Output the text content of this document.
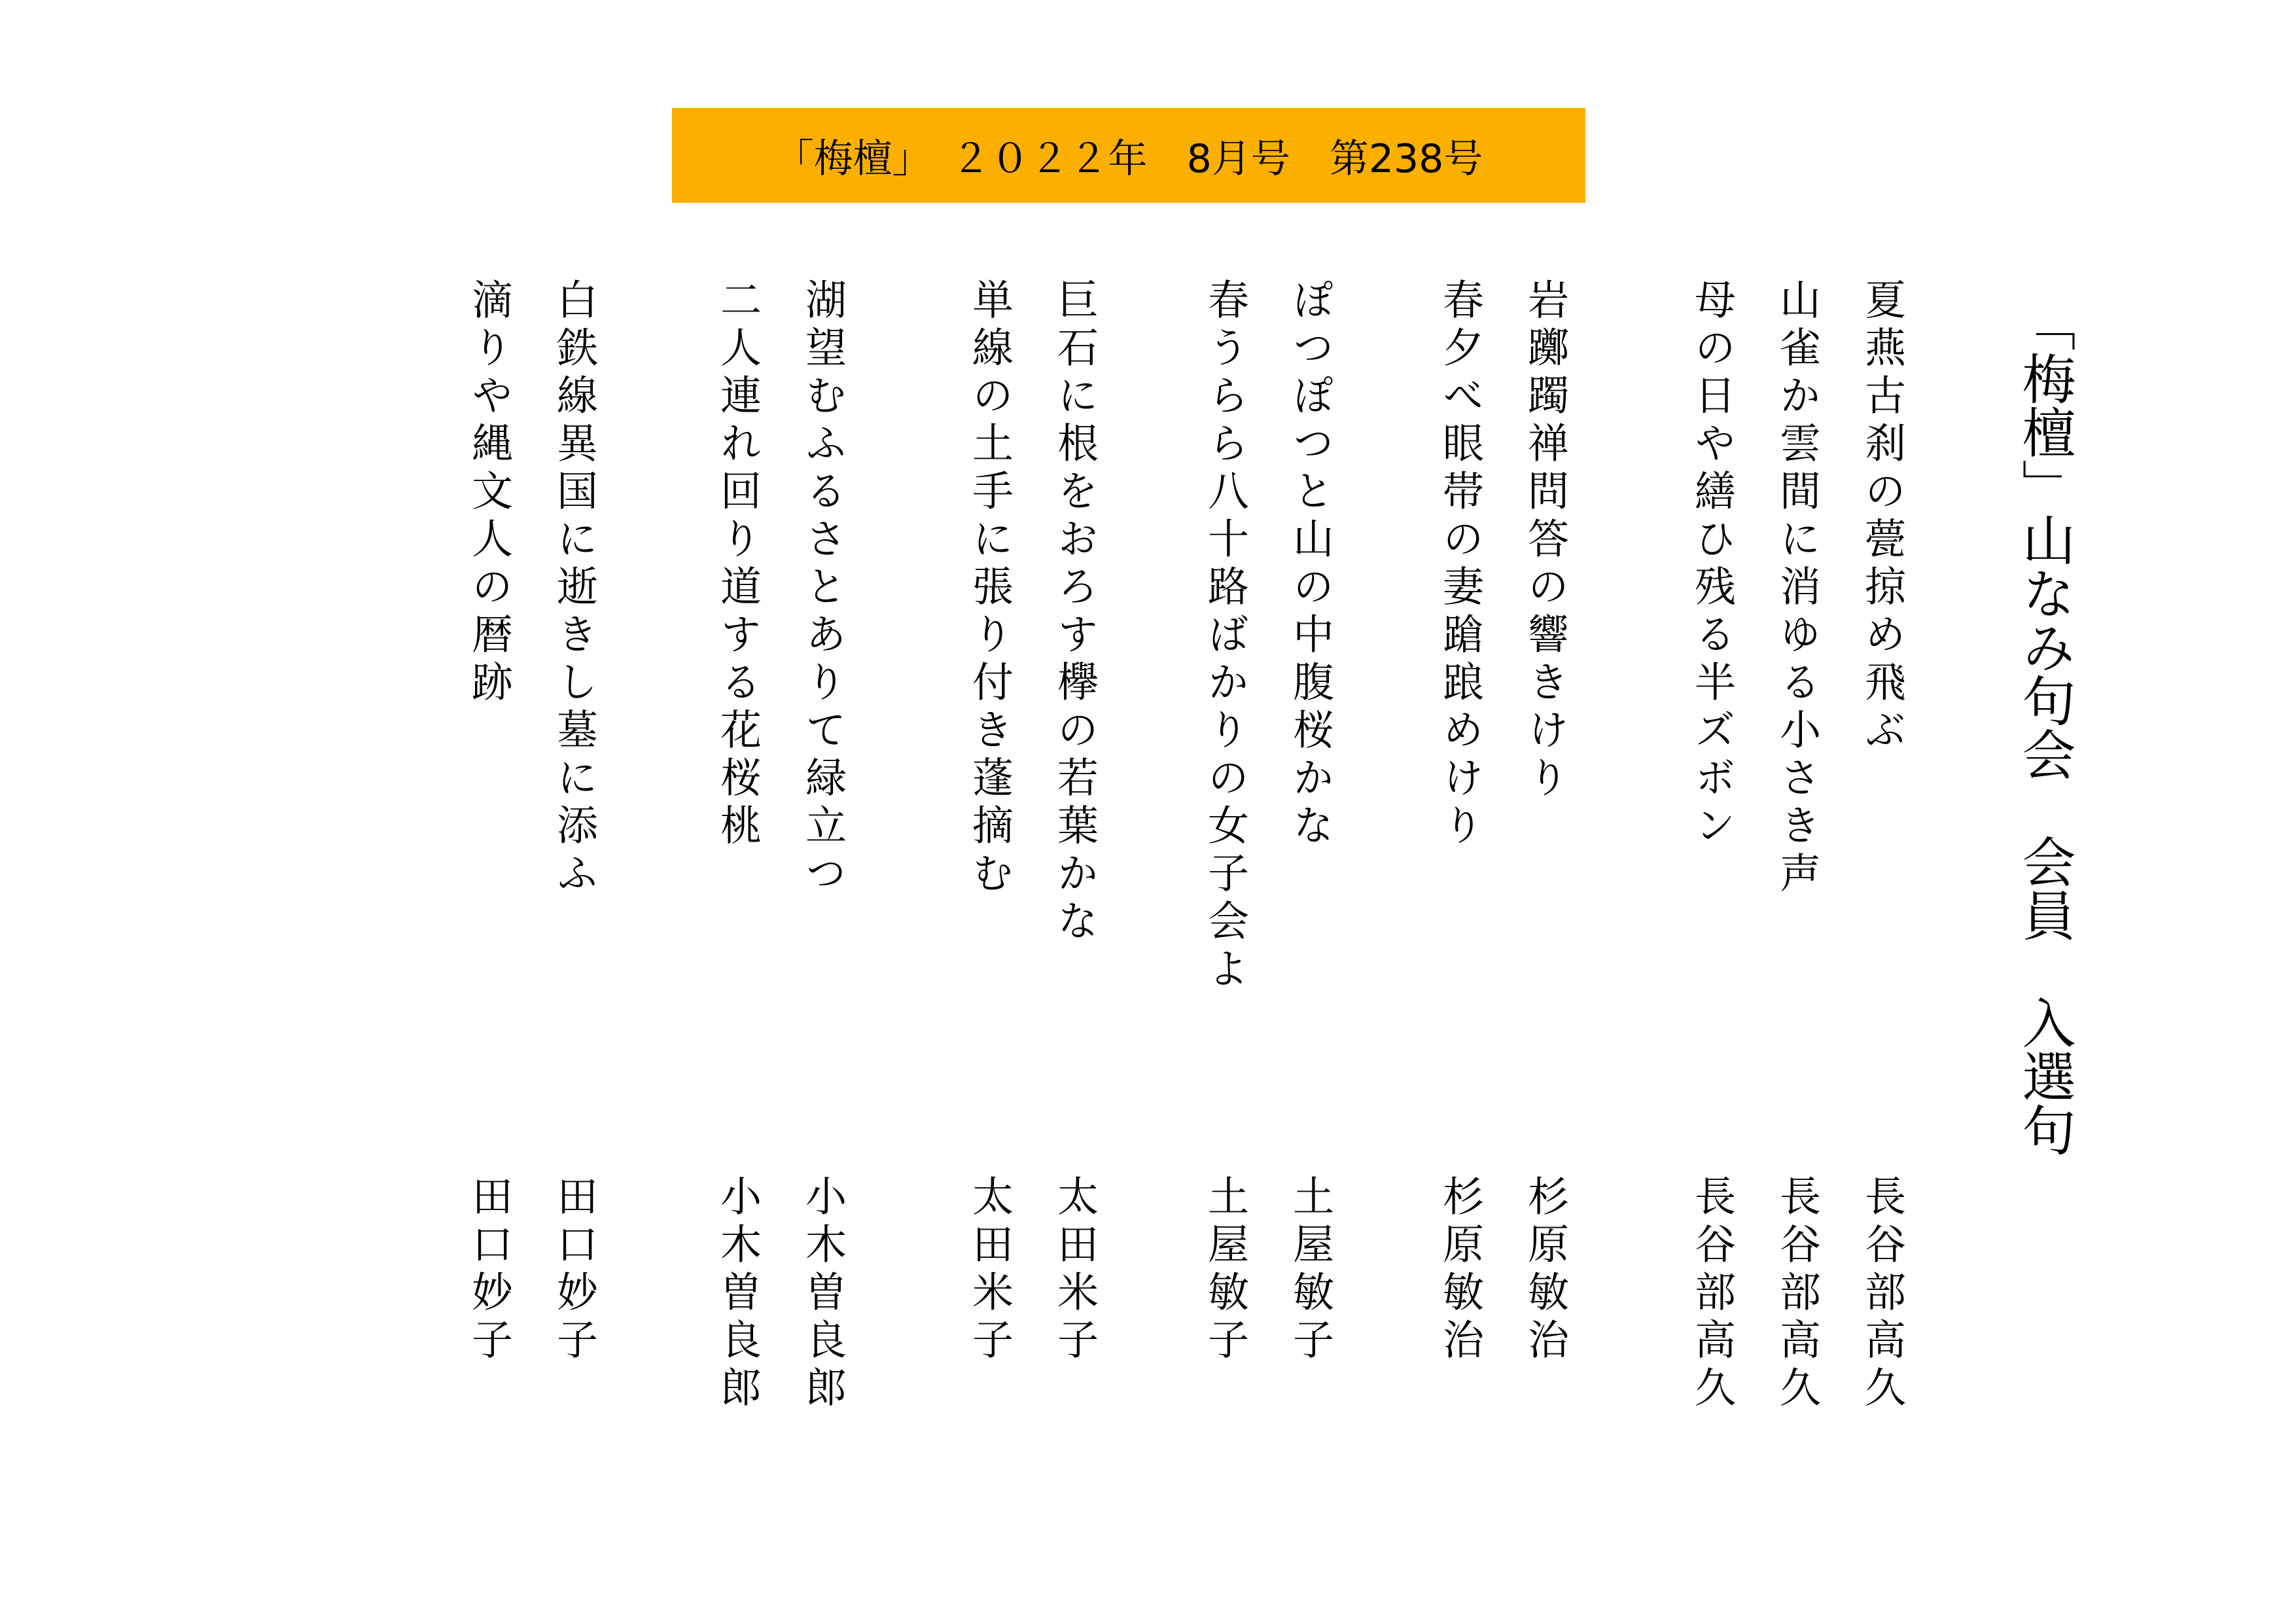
「梅檀」　２０２２年　8月号　第238号
「梅檀」山なみ句会　会員　入選句
夏燕古刹の甍掠め飛ぶ
山雀か雲間に消ゆる小さき声
母の日や繕ひ残る半ズボン
岩躑躅禅問答の響きけり
春夕べ眼帯の妻蹌踉めけり
ぽつぽつと山の中腹桜かな
春うらら八十路ばかりの女子会よ
巨石に根をおろす欅の若葉かな
単線の土手に張り付き蓬摘む
湖望むふるさとありて緑立つ
二人連れ回り道する花桜桃
白鉄線異国に逝きし墓に添ふ
滴りや縄文人の暦跡
長谷部高久
長谷部高久
長谷部高久
杉原敏治
杉原敏治
土屋敏子
土屋敏子
太田米子
太田米子
小木曽良郎
小木曽良郎
田口妙子
田口妙子
